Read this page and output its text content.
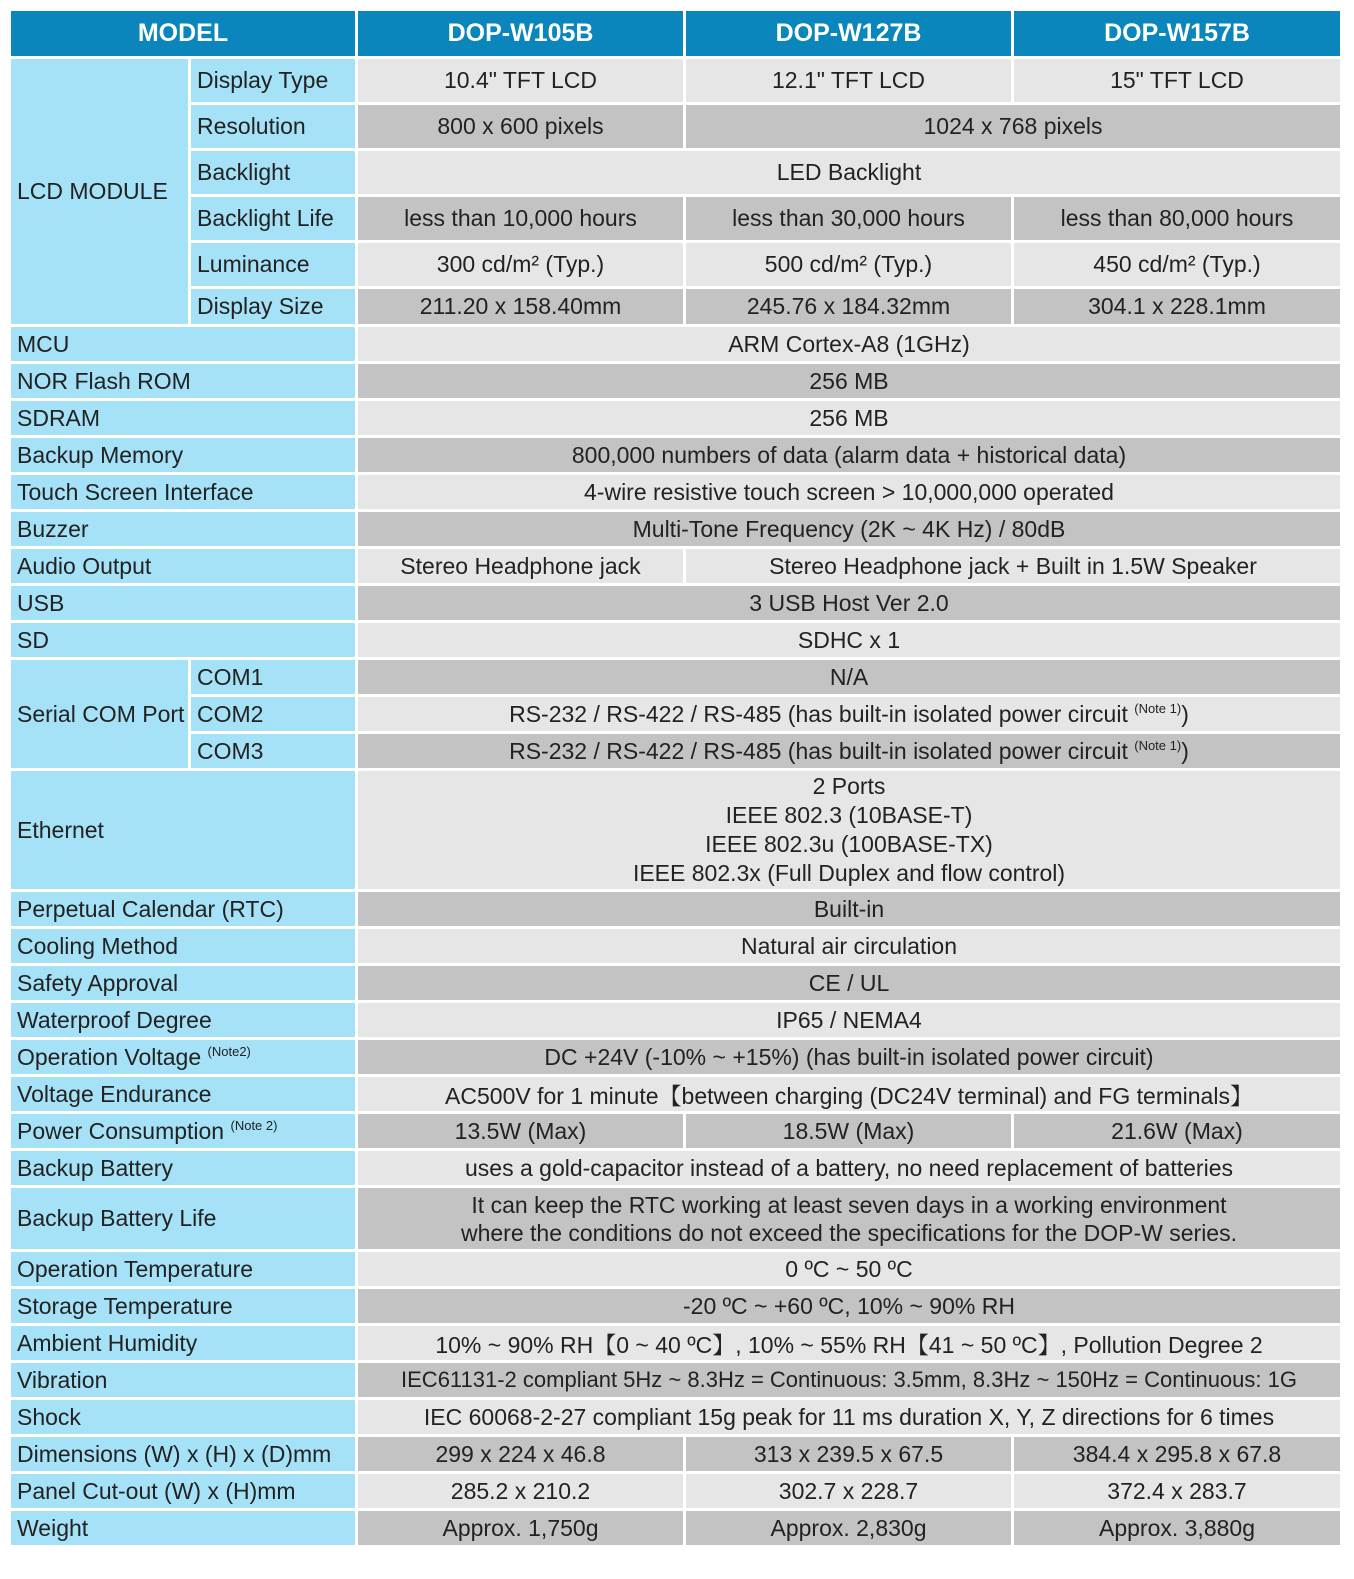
MODEL		DOP-W105B	DOP-W127B	DOP-W157B
LCD MODULE	Display Type	10.4" TFT LCD	12.1" TFT LCD	15" TFT LCD
	Resolution	800 x 600 pixels	1024 x 768 pixels	
	Backlight	LED Backlight		
	Backlight Life	less than 10,000 hours	less than 30,000 hours	less than 80,000 hours
	Luminance	300 cd/m² (Typ.)	500 cd/m² (Typ.)	450 cd/m² (Typ.)
	Display Size	211.20 x 158.40mm	245.76 x 184.32mm	304.1 x 228.1mm
MCU		ARM Cortex-A8 (1GHz)		
NOR Flash ROM		256 MB		
SDRAM		256 MB		
Backup Memory		800,000 numbers of data (alarm data + historical data)		
Touch Screen Interface		4-wire resistive touch screen > 10,000,000 operated		
Buzzer		Multi-Tone Frequency (2K ~ 4K Hz) / 80dB		
Audio Output		Stereo Headphone jack	Stereo Headphone jack + Built in 1.5W Speaker	
USB		3 USB Host Ver 2.0		
SD		SDHC x 1		
Serial COM Port	COM1	N/A		
	COM2	RS-232 / RS-422 / RS-485 (has built-in isolated power circuit $^{(Note 1)}$)		
	COM3	RS-232 / RS-422 / RS-485 (has built-in isolated power circuit $^{(Note 1)}$)		
Ethernet		2 Ports
IEEE 802.3 (10BASE-T)
IEEE 802.3u (100BASE-TX)
IEEE 802.3x (Full Duplex and flow control)		

Perpetual Calendar (RTC)		Built-in		
Cooling Method		Natural air circulation		
Safety Approval		CE / UL		
Waterproof Degree		IP65 / NEMA4		
Operation Voltage $^{(Note2)}$		DC +24V (-10% ~ +15%) (has built-in isolated power circuit)		
Voltage Endurance		AC500V for 1 minute【between charging (DC24V terminal) and FG terminals】		
Power Consumption $^{(Note 2)}$		13.5W (Max)	18.5W (Max)	21.6W (Max)
Backup Battery		uses a gold-capacitor instead of a battery, no need replacement of batteries		
Backup Battery Life		It can keep the RTC working at least seven days in a working environment
where the conditions do not exceed the specifications for the DOP-W series.		

Operation Temperature		0 ºC ~ 50 ºC		
Storage Temperature		-20 ºC ~ +60 ºC, 10% ~ 90% RH		
Ambient Humidity		10% ~ 90% RH【0 ~ 40 ºC】, 10% ~ 55% RH【41 ~ 50 ºC】, Pollution Degree 2		
Vibration		IEC61131-2 compliant 5Hz ~ 8.3Hz = Continuous: 3.5mm, 8.3Hz ~ 150Hz = Continuous: 1G		
Shock		IEC 60068-2-27 compliant 15g peak for 11 ms duration X, Y, Z directions for 6 times		
Dimensions (W) x (H) x (D)mm		299 x 224 x 46.8	313 x 239.5 x 67.5	384.4 x 295.8 x 67.8
Panel Cut-out (W) x (H)mm		285.2 x 210.2	302.7 x 228.7	372.4 x 283.7
Weight		Approx. 1,750g	Approx. 2,830g	Approx. 3,880g
